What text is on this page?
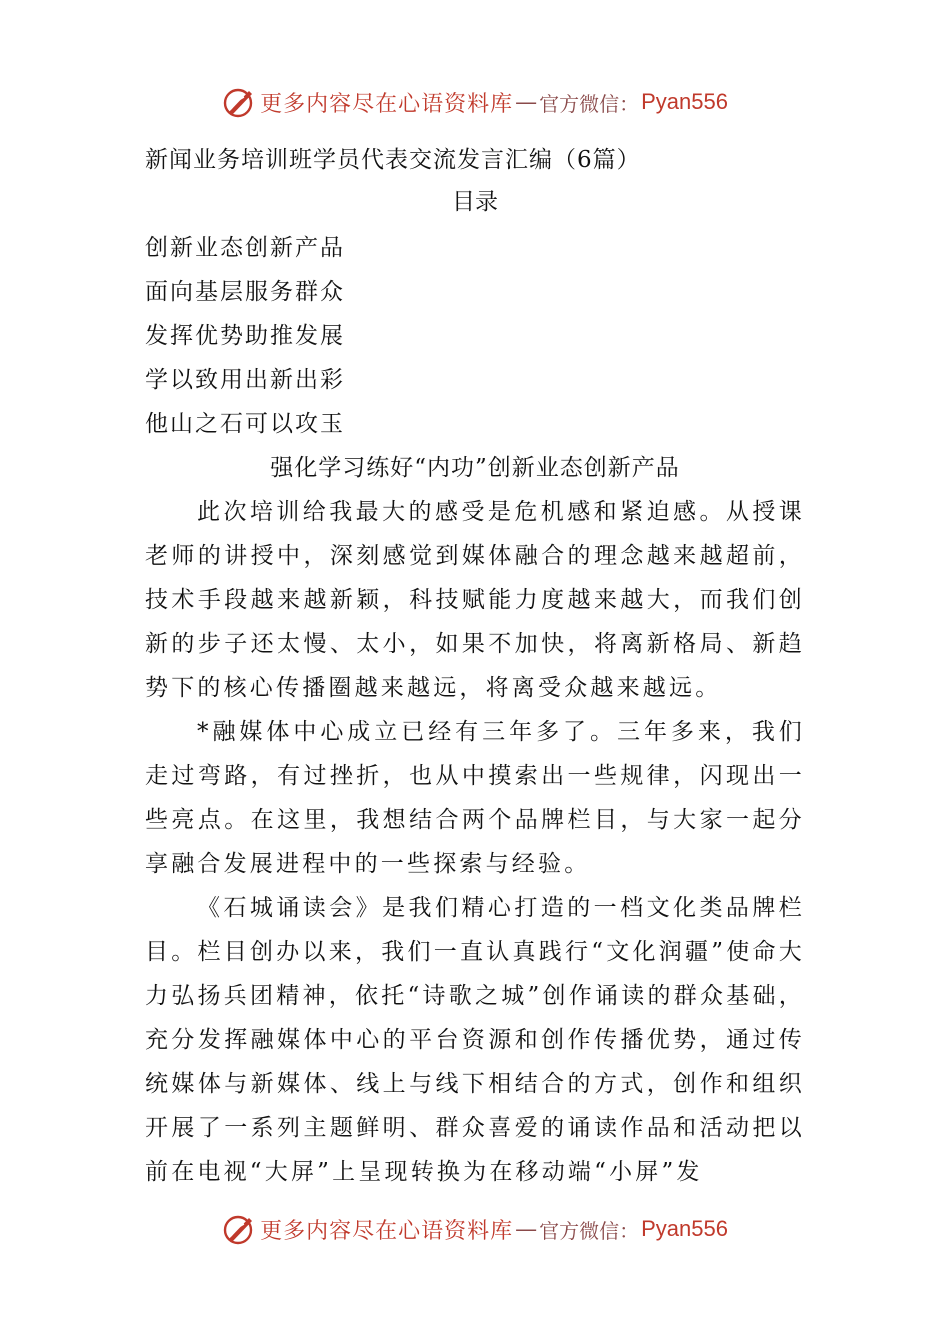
更多内容尽在心语资料库 — 官方微信： Pyan556

新闻业务培训班学员代表交流发言汇编（6篇）

目录

创新业态创新产品

面向基层服务群众

发挥优势助推发展

学以致用出新出彩

他山之石可以攻玉

强化学习练好“内功”创新业态创新产品

此次培训给我最大的感受是危机感和紧迫感。从授课老师的讲授中，深刻感觉到媒体融合的理念越来越超前，技术手段越来越新颖，科技赋能力度越来越大，而我们创新的步子还太慢、太小，如果不加快，将离新格局、新趋势下的核心传播圈越来越远，将离受众越来越远。

*融媒体中心成立已经有三年多了。三年多来，我们走过弯路，有过挫折，也从中摸索出一些规律，闪现出一些亮点。在这里，我想结合两个品牌栏目，与大家一起分享融合发展进程中的一些探索与经验。

《石城诵读会》是我们精心打造的一档文化类品牌栏目。栏目创办以来，我们一直认真践行“文化润疆”使命大力弘扬兵团精神，依托“诗歌之城”创作诵读的群众基础，充分发挥融媒体中心的平台资源和创作传播优势，通过传统媒体与新媒体、线上与线下相结合的方式，创作和组织开展了一系列主题鲜明、群众喜爱的诵读作品和活动把以前在电视“大屏”上呈现转换为在移动端“小屏”发

更多内容尽在心语资料库 — 官方微信： Pyan556
